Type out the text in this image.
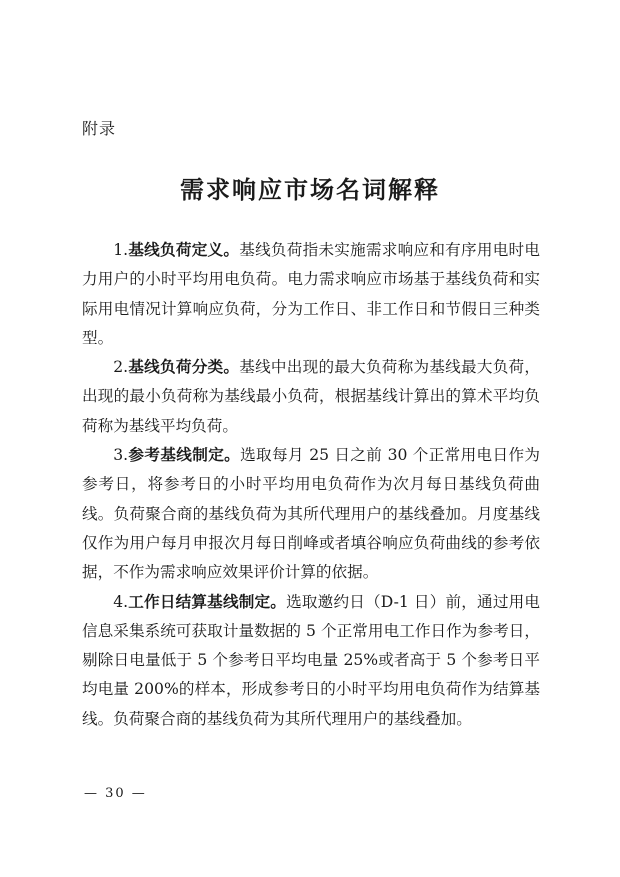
附录
需求响应市场名词解释

1.基线负荷定义。基线负荷指未实施需求响应和有序用电时电力用户的小时平均用电负荷。电力需求响应市场基于基线负荷和实际用电情况计算响应负荷，分为工作日、非工作日和节假日三种类型。

2.基线负荷分类。基线中出现的最大负荷称为基线最大负荷，出现的最小负荷称为基线最小负荷，根据基线计算出的算术平均负荷称为基线平均负荷。

3.参考基线制定。选取每月 25 日之前 30 个正常用电日作为参考日，将参考日的小时平均用电负荷作为次月每日基线负荷曲线。负荷聚合商的基线负荷为其所代理用户的基线叠加。月度基线仅作为用户每月申报次月每日削峰或者填谷响应负荷曲线的参考依据，不作为需求响应效果评价计算的依据。

4.工作日结算基线制定。选取邀约日（D-1 日）前，通过用电信息采集系统可获取计量数据的 5 个正常用电工作日作为参考日，剔除日电量低于 5 个参考日平均电量 25%或者高于 5 个参考日平均电量 200%的样本，形成参考日的小时平均用电负荷作为结算基线。负荷聚合商的基线负荷为其所代理用户的基线叠加。

— 30 —
